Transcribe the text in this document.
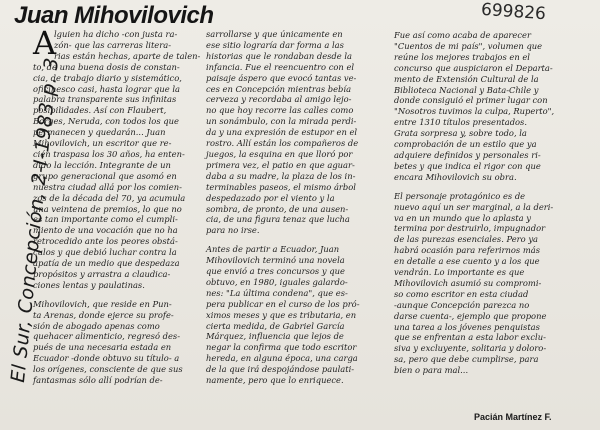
Juan Mihovilovich	699826
El Sur, Concepción, 2-I-1983 p. 3
A

lguien ha dicho -con justa ra-

zón- que las carreras litera-

rias están hechas, aparte de talen-

to, de una buena dosis de constan-

cia, de trabajo diario y sistemático,

oficinesco casi, hasta lograr que la

palabra transparente sus infinitas

posibilidades. Así con Flaubert,

Borges, Neruda, con todos los que

permanecen y quedarán... Juan

Mihovilovich, un escritor que re-

cién traspasa los 30 años, ha enten-

dido la lección. Integrante de un

grupo generacional que asomó en

nuestra ciudad allá por los comien-

zos de la década del 70, ya acumula

una veintena de premios, lo que no

es tan importante como el cumpli-

miento de una vocación que no ha

retrocedido ante los peores obstá-

culos y que debió luchar contra la

apatía de un medio que despedaza

propósitos y arrastra a claudica-

ciones lentas y paulatinas.

Mihovilovich, que reside en Pun-

ta Arenas, donde ejerce su profe-

sión de abogado apenas como

quehacer alimenticio, regresó des-

pués de una necesaria estada en

Ecuador -donde obtuvo su título- a

los orígenes, consciente de que sus

fantasmas sólo allí podrían de-

sarrollarse y que únicamente en

ese sitio lograría dar forma a las

historias que le rondaban desde la

infancia. Fue el reencuentro con el

paisaje áspero que evocó tantas ve-

ces en Concepción mientras bebía

cerveza y recordaba al amigo lejo-

no que hoy recorre las calles como

un sonámbulo, con la mirada perdi-

da y una expresión de estupor en el

rostro. Allí están los compañeros de

juegos, la esquina en que lloró por

primera vez, el patio en que aguar-

daba a su madre, la plaza de los in-

terminables paseos, el mismo árbol

despedazado por el viento y la

sombra, de pronto, de una ausen-

cia, de una figura tenaz que lucha

para no irse.

Antes de partir a Ecuador, Juan

Mihovilovich terminó una novela

que envió a tres concursos y que

obtuvo, en 1980, iguales galardo-

nes: "La última condena", que es-

pera publicar en el curso de los pró-

ximos meses y que es tributaria, en

cierta medida, de Gabriel García

Márquez, influencia que lejos de

negar la confirma que todo escritor

hereda, en alguna época, una carga

de la que irá despojándose paulati-

namente, pero que lo enriquece.

Fue así como acaba de aparecer

"Cuentos de mi país", volumen que

reúne los mejores trabajos en el

concurso que auspiciaron el Departa-

mento de Extensión Cultural de la

Biblioteca Nacional y Bata-Chile y

donde consiguió el primer lugar con

"Nosotros tuvimos la culpa, Ruperto",

entre 1310 títulos presentados.

Grata sorpresa y, sobre todo, la

comprobación de un estilo que ya

adquiere definidos y personales ri-

betes y que indica el rigor con que

encara Mihovilovich su obra.

El personaje protagónico es de

nuevo aquí un ser marginal, a la deri-

va en un mundo que lo aplasta y

termina por destruirlo, impugnador

de las purezas esenciales. Pero ya

habrá ocasión para referirnos más

en detalle a ese cuento y a los que

vendrán. Lo importante es que

Mihovilovich asumió su compromi-

so como escritor en esta ciudad

-aunque Concepción parezca no

darse cuenta-, ejemplo que propone

una tarea a los jóvenes penquistas

que se enfrentan a esta labor exclu-

siva y excluyente, solitaria y doloro-

sa, pero que debe cumplirse, para

bien o para mal...

Pacián Martínez F.
